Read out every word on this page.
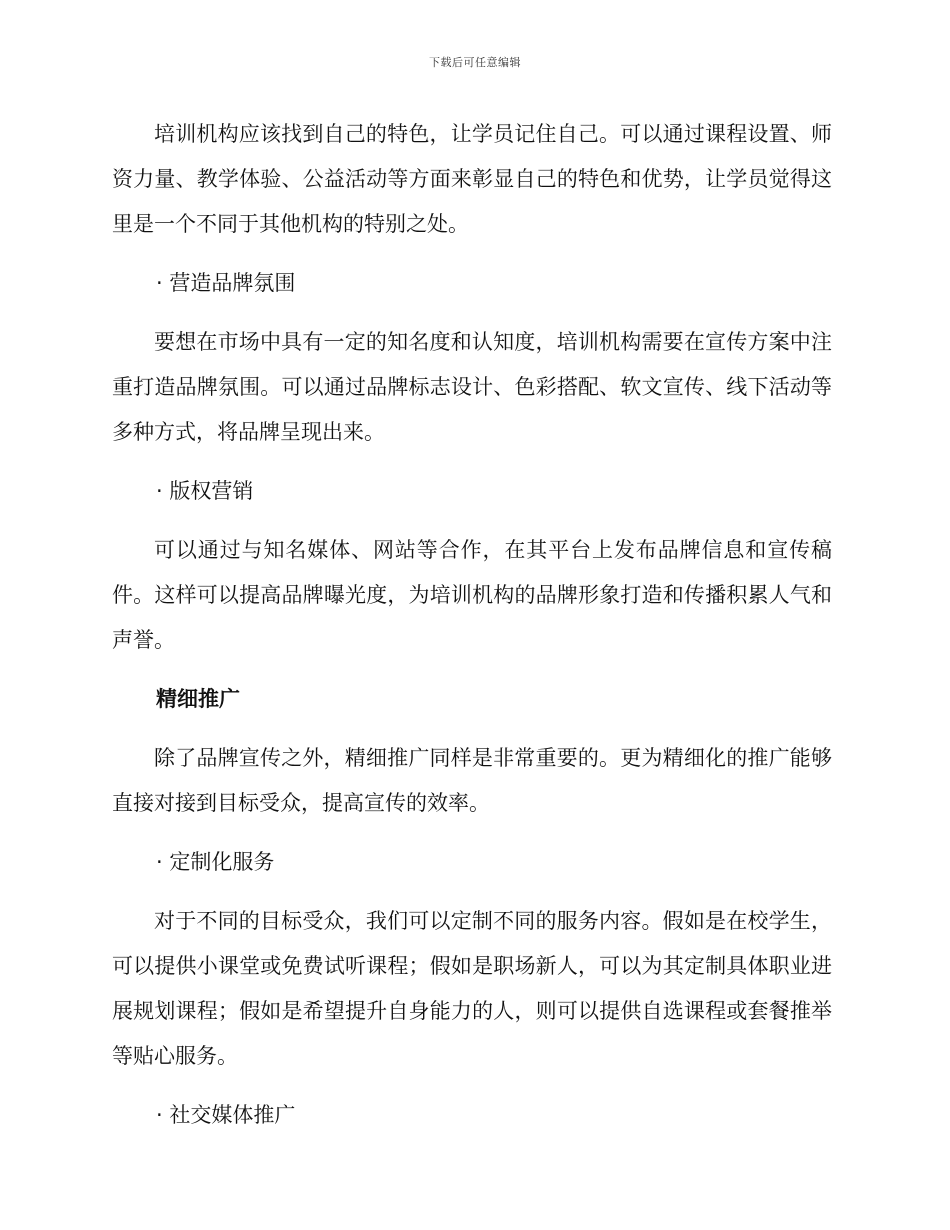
下载后可任意编辑

培训机构应该找到自己的特色，让学员记住自己。可以通过课程设置、师资力量、教学体验、公益活动等方面来彰显自己的特色和优势，让学员觉得这里是一个不同于其他机构的特别之处。

· 营造品牌氛围

要想在市场中具有一定的知名度和认知度，培训机构需要在宣传方案中注重打造品牌氛围。可以通过品牌标志设计、色彩搭配、软文宣传、线下活动等多种方式，将品牌呈现出来。

· 版权营销

可以通过与知名媒体、网站等合作，在其平台上发布品牌信息和宣传稿件。这样可以提高品牌曝光度，为培训机构的品牌形象打造和传播积累人气和声誉。

精细推广

除了品牌宣传之外，精细推广同样是非常重要的。更为精细化的推广能够直接对接到目标受众，提高宣传的效率。

· 定制化服务

对于不同的目标受众，我们可以定制不同的服务内容。假如是在校学生，可以提供小课堂或免费试听课程；假如是职场新人，可以为其定制具体职业进展规划课程；假如是希望提升自身能力的人，则可以提供自选课程或套餐推举等贴心服务。

· 社交媒体推广
